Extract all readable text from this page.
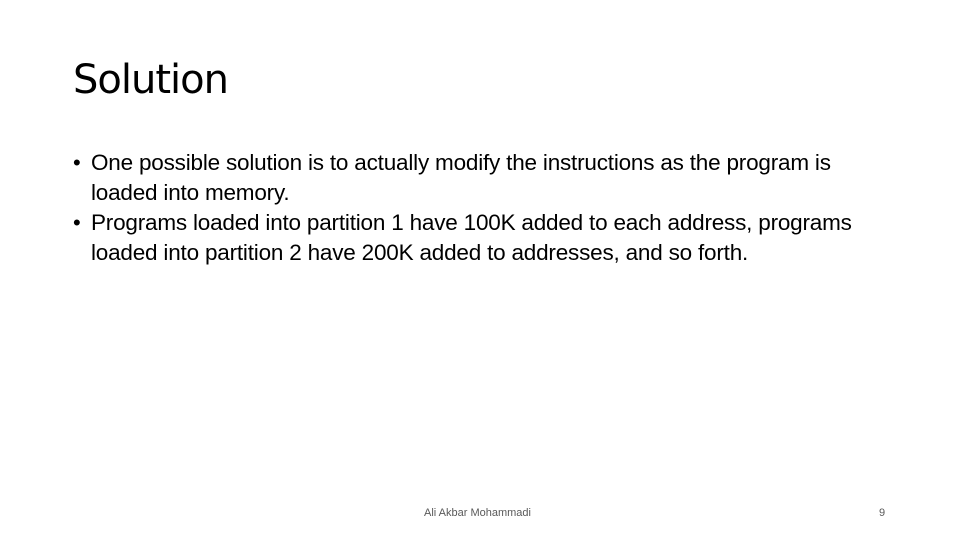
Solution
• One possible solution is to actually modify the instructions as the program is loaded into memory.
• Programs loaded into partition 1 have 100K added to each address, programs loaded into partition 2 have 200K added to addresses, and so forth.
Ali Akbar Mohammadi	9
